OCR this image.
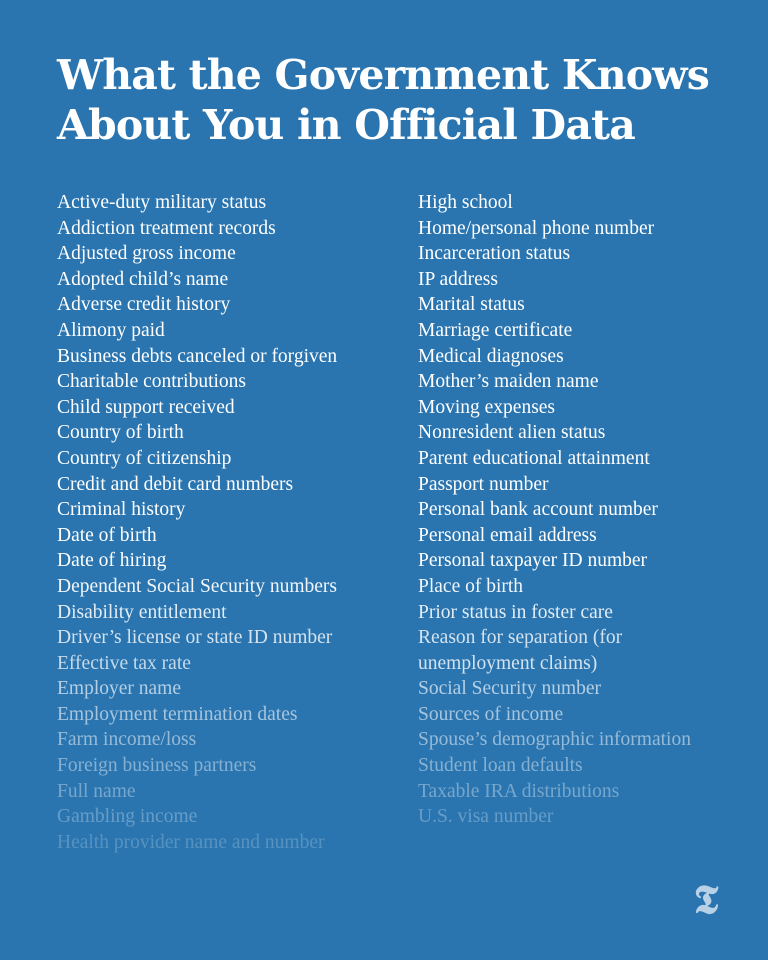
What the Government Knows About You in Official Data
Active-duty military status
Addiction treatment records
Adjusted gross income
Adopted child’s name
Adverse credit history
Alimony paid
Business debts canceled or forgiven
Charitable contributions
Child support received
Country of birth
Country of citizenship
Credit and debit card numbers
Criminal history
Date of birth
Date of hiring
Dependent Social Security numbers
Disability entitlement
Driver’s license or state ID number
Effective tax rate
Employer name
Employment termination dates
Farm income/loss
Foreign business partners
Full name
Gambling income
Health provider name and number
High school
Home/personal phone number
Incarceration status
IP address
Marital status
Marriage certificate
Medical diagnoses
Mother’s maiden name
Moving expenses
Nonresident alien status
Parent educational attainment
Passport number
Personal bank account number
Personal email address
Personal taxpayer ID number
Place of birth
Prior status in foster care
Reason for separation (for unemployment claims)
Social Security number
Sources of income
Spouse’s demographic information
Student loan defaults
Taxable IRA distributions
U.S. visa number
𝕿
